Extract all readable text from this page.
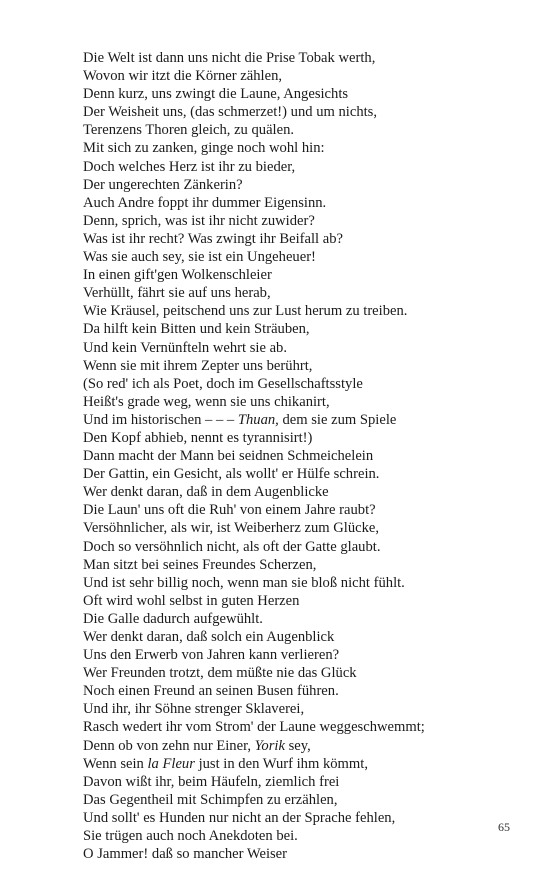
Die Welt ist dann uns nicht die Prise Tobak werth,
Wovon wir itzt die Körner zählen,
Denn kurz, uns zwingt die Laune, Angesichts
Der Weisheit uns, (das schmerzet!) und um nichts,
Terenzens Thoren gleich, zu quälen.
Mit sich zu zanken, ginge noch wohl hin:
Doch welches Herz ist ihr zu bieder,
Der ungerechten Zänkerin?
Auch Andre foppt ihr dummer Eigensinn.
Denn, sprich, was ist ihr nicht zuwider?
Was ist ihr recht? Was zwingt ihr Beifall ab?
Was sie auch sey, sie ist ein Ungeheuer!
In einen gift'gen Wolkenschleier
Verhüllt, fährt sie auf uns herab,
Wie Kräusel, peitschend uns zur Lust herum zu treiben.
Da hilft kein Bitten und kein Sträuben,
Und kein Vernünfteln wehrt sie ab.
Wenn sie mit ihrem Zepter uns berührt,
(So red' ich als Poet, doch im Gesellschaftsstyle
Heißt's grade weg, wenn sie uns chikanirt,
Und im historischen – – – Thuan, dem sie zum Spiele
Den Kopf abhieb, nennt es tyrannisirt!)
Dann macht der Mann bei seidnen Schmeichelein
Der Gattin, ein Gesicht, als wollt' er Hülfe schrein.
Wer denkt daran, daß in dem Augenblicke
Die Laun' uns oft die Ruh' von einem Jahre raubt?
Versöhnlicher, als wir, ist Weiberherz zum Glücke,
Doch so versöhnlich nicht, als oft der Gatte glaubt.
Man sitzt bei seines Freundes Scherzen,
Und ist sehr billig noch, wenn man sie bloß nicht fühlt.
Oft wird wohl selbst in guten Herzen
Die Galle dadurch aufgewühlt.
Wer denkt daran, daß solch ein Augenblick
Uns den Erwerb von Jahren kann verlieren?
Wer Freunden trotzt, dem müßte nie das Glück
Noch einen Freund an seinen Busen führen.
Und ihr, ihr Söhne strenger Sklaverei,
Rasch wedert ihr vom Strom' der Laune weggeschwemmt;
Denn ob von zehn nur Einer, Yorik sey,
Wenn sein la Fleur just in den Wurf ihm kömmt,
Davon wißt ihr, beim Häufeln, ziemlich frei
Das Gegentheil mit Schimpfen zu erzählen,
Und sollt' es Hunden nur nicht an der Sprache fehlen,
Sie trügen auch noch Anekdoten bei.
O Jammer! daß so mancher Weiser
65
